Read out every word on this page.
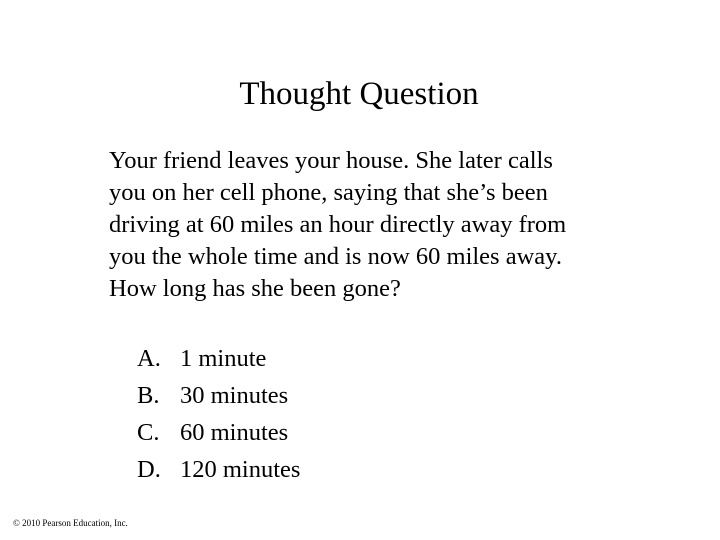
Thought Question
Your friend leaves your house. She later calls
you on her cell phone, saying that she’s been
driving at 60 miles an hour directly away from
you the whole time and is now 60 miles away.
How long has she been gone?
A. 1 minute
B. 30 minutes
C. 60 minutes
D. 120 minutes
© 2010 Pearson Education, Inc.
